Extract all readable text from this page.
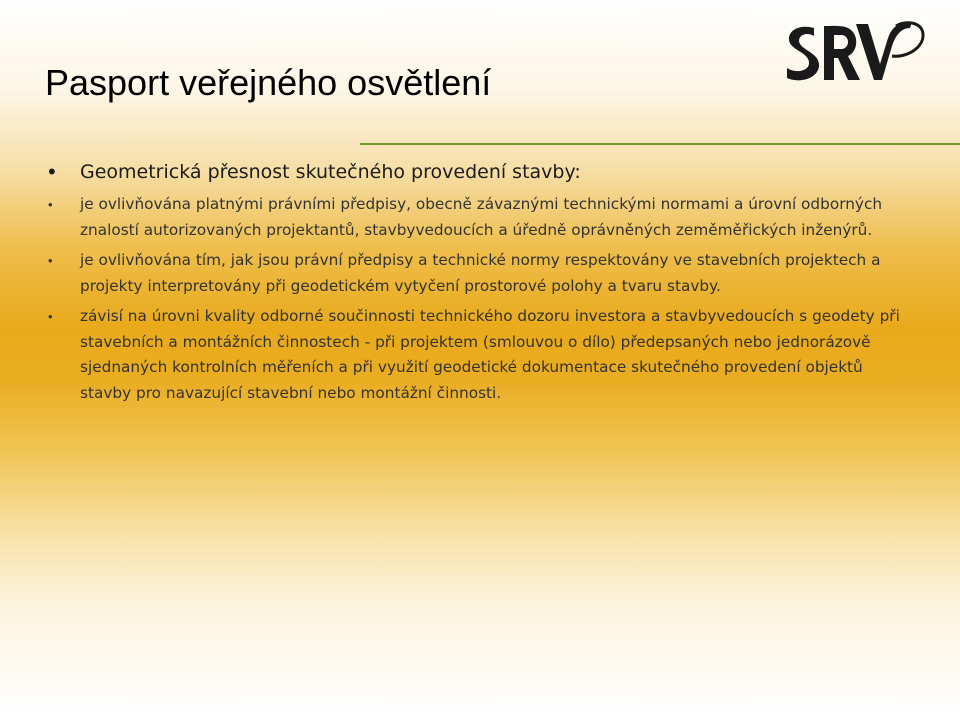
Pasport veřejného osvětlení
• Geometrická přesnost skutečného provedení stavby:
• je ovlivňována platnými právními předpisy, obecně závaznými technickými normami a úrovní odborných znalostí autorizovaných projektantů, stavbyvedoucích a úředně oprávněných zeměměřických inženýrů.
• je ovlivňována tím, jak jsou právní předpisy a technické normy respektovány ve stavebních projektech a projekty interpretovány při geodetickém vytyčení prostorové polohy a tvaru stavby.
• závisí na úrovni kvality odborné součinnosti technického dozoru investora a stavbyvedoucích s geodety při stavebních a montážních činnostech - při projektem (smlouvou o dílo) předepsaných nebo jednorázově sjednaných kontrolních měřeních a při využití geodetické dokumentace skutečného provedení objektů stavby pro navazující stavební nebo montážní činnosti.
